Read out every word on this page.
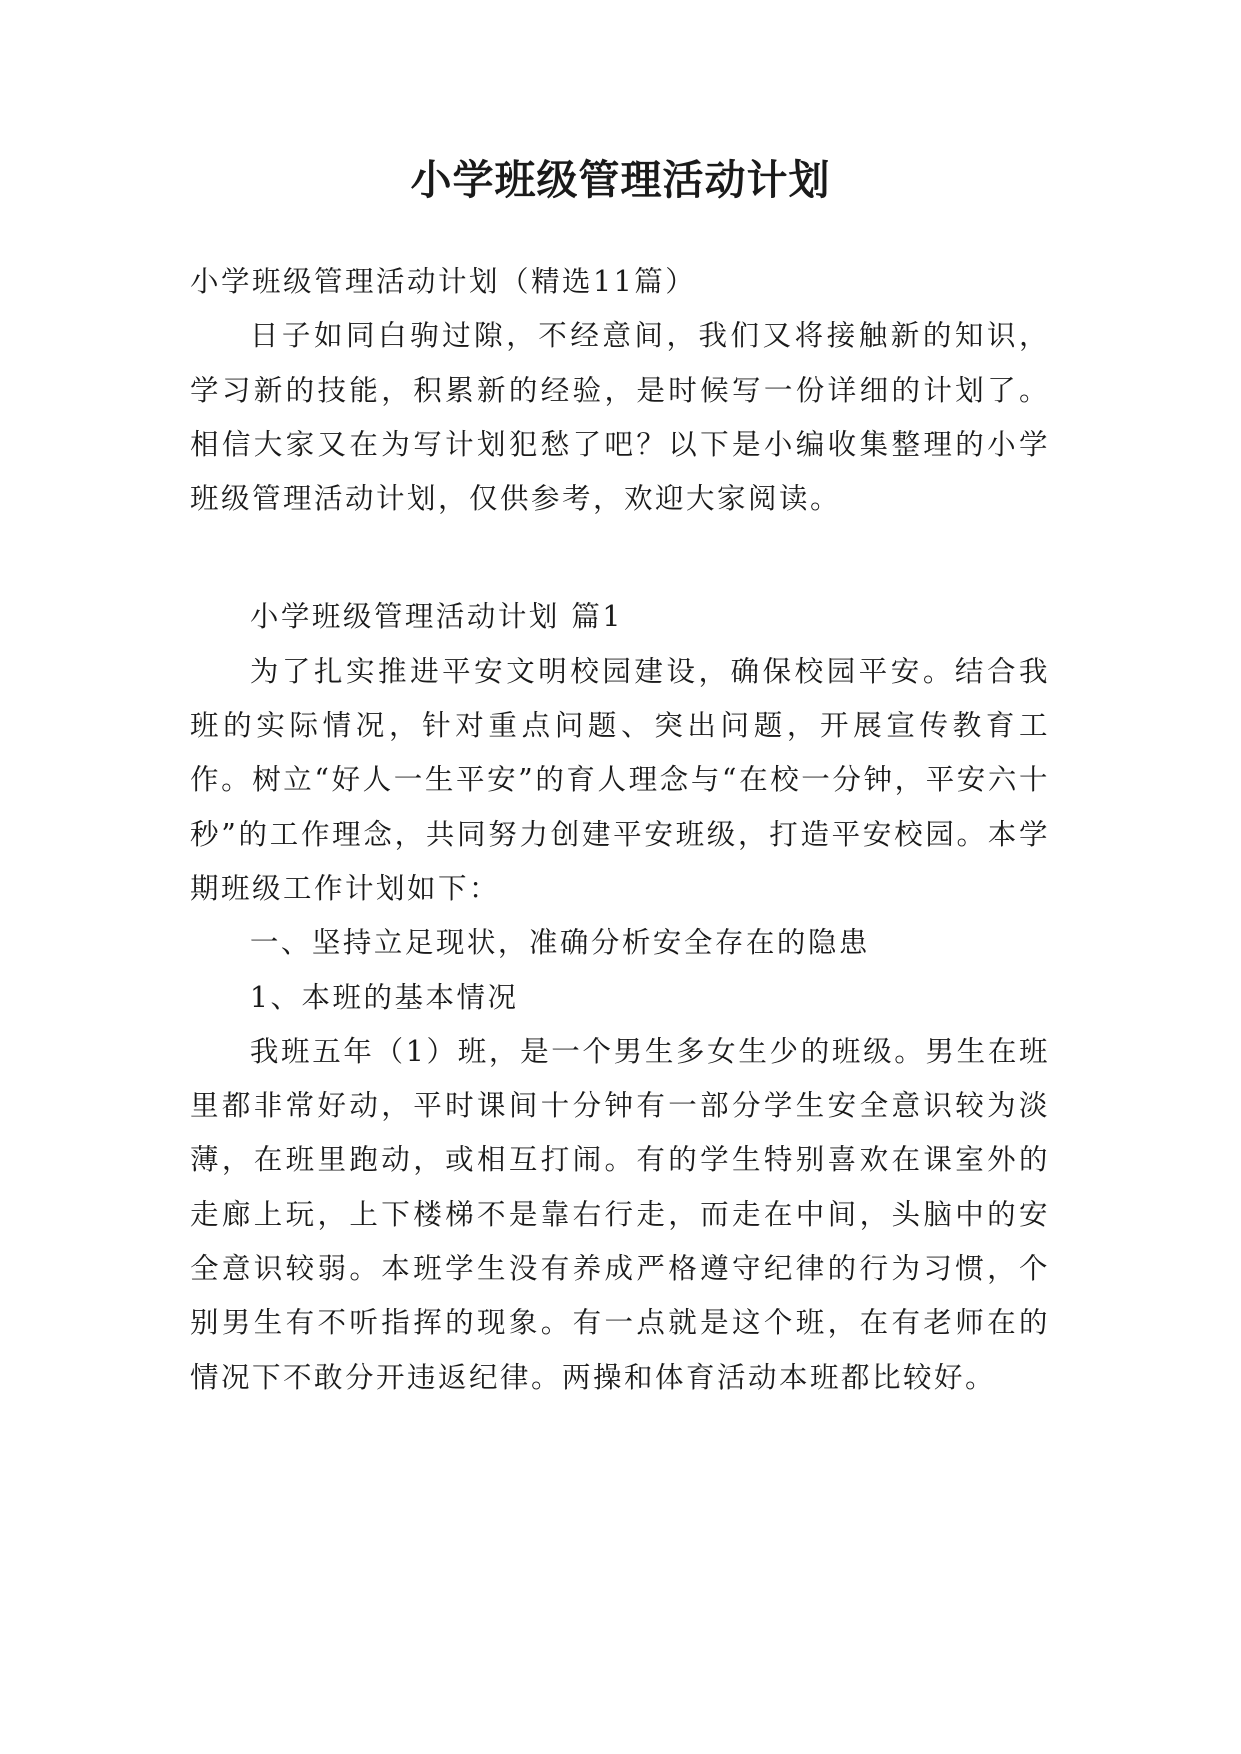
小学班级管理活动计划

小学班级管理活动计划（精选11篇）

日子如同白驹过隙，不经意间，我们又将接触新的知识，学习新的技能，积累新的经验，是时候写一份详细的计划了。相信大家又在为写计划犯愁了吧？以下是小编收集整理的小学班级管理活动计划，仅供参考，欢迎大家阅读。

小学班级管理活动计划 篇1

为了扎实推进平安文明校园建设，确保校园平安。结合我班的实际情况，针对重点问题、突出问题，开展宣传教育工作。树立“好人一生平安”的育人理念与“在校一分钟，平安六十秒”的工作理念，共同努力创建平安班级，打造平安校园。本学期班级工作计划如下：

一、坚持立足现状，准确分析安全存在的隐患

1、本班的基本情况

我班五年（1）班，是一个男生多女生少的班级。男生在班里都非常好动，平时课间十分钟有一部分学生安全意识较为淡薄，在班里跑动，或相互打闹。有的学生特别喜欢在课室外的走廊上玩，上下楼梯不是靠右行走，而走在中间，头脑中的安全意识较弱。本班学生没有养成严格遵守纪律的行为习惯，个别男生有不听指挥的现象。有一点就是这个班，在有老师在的情况下不敢分开违返纪律。两操和体育活动本班都比较好。
